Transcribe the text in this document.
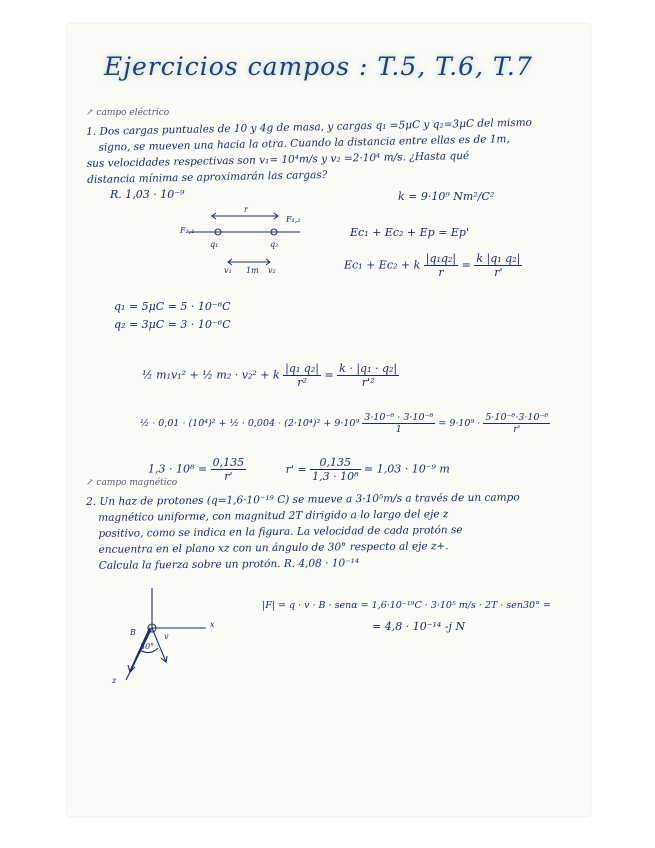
Ejercicios campos : T.5, T.6, T.7
↗ campo eléctrico
1. Dos cargas puntuales de 10 y 4g de masa, y cargas q₁ =5μC y q₂=3μC del mismo
signo, se mueven una hacia la otra. Cuando la distancia entre ellas es de 1m,
sus velocidades respectivas son v₁= 10⁴m/s y v₂ =2·10⁴ m/s. ¿Hasta qué
distancia mínima se aproximarán las cargas?
R. 1,03 · 10⁻⁹	k = 9·10⁹ Nm²/C²
r
F₂,₁
F₁,₂
q₁	q₂
v₁ 1m v₂
Ec₁ + Ec₂ + Ep = Ep'
Ec₁ + Ec₂ + k $\frac{\text{|q₁q₂|}}{r} = \frac{\text{k |q₁ q₂|}}{r'}$
q₁ = 5μC = 5 · 10⁻⁶C
q₂ = 3μC = 3 · 10⁻⁶C
½ m₁v₁² + ½ m₂ · v₂² + k $\frac{\text{|q₁ q₂|}}{\text{r²}} = \frac{\text{k · |q₁ · q₂|}}{\text{r'²}}$
½ · 0,01 · (10⁴)² + ½ · $0,004 \cdot (2\cdot 10^4)^2 + 9\cdot 10^9 \frac{\text{3·10⁻⁶ · 3·10⁻⁶}}{1} = 9\cdot 10^9 \cdot \frac{\text{5·10⁻⁶·3·10⁻⁶}}{r'}$
$1,3 \cdot 10^8 = \frac{0,135}{r'}$	$r' = \frac{0,135}{\text{1,3 · 10⁸}} = 1,03 \cdot 10^{-9}$ m
↗ campo magnético
2. Un haz de protones (q=1,6·10⁻¹⁹ C) se mueve a 3·10⁵m/s a través de un campo
magnético uniforme, con magnitud 2T dirigido a lo largo del eje z
positivo, como se indica en la figura. La velocidad de cada protón se
encuentra en el plano xz con un ángulo de 30° respecto al eje z+.
Calcula la fuerza sobre un protón. R. 4,08 · 10⁻¹⁴
x
z
B	v
30°
|F| = q · v · B · senα = 1,6·10⁻¹⁹C · 3·10⁵ m/s · 2T · sen30° =
= 4,8 · 10⁻¹⁴ -j N
